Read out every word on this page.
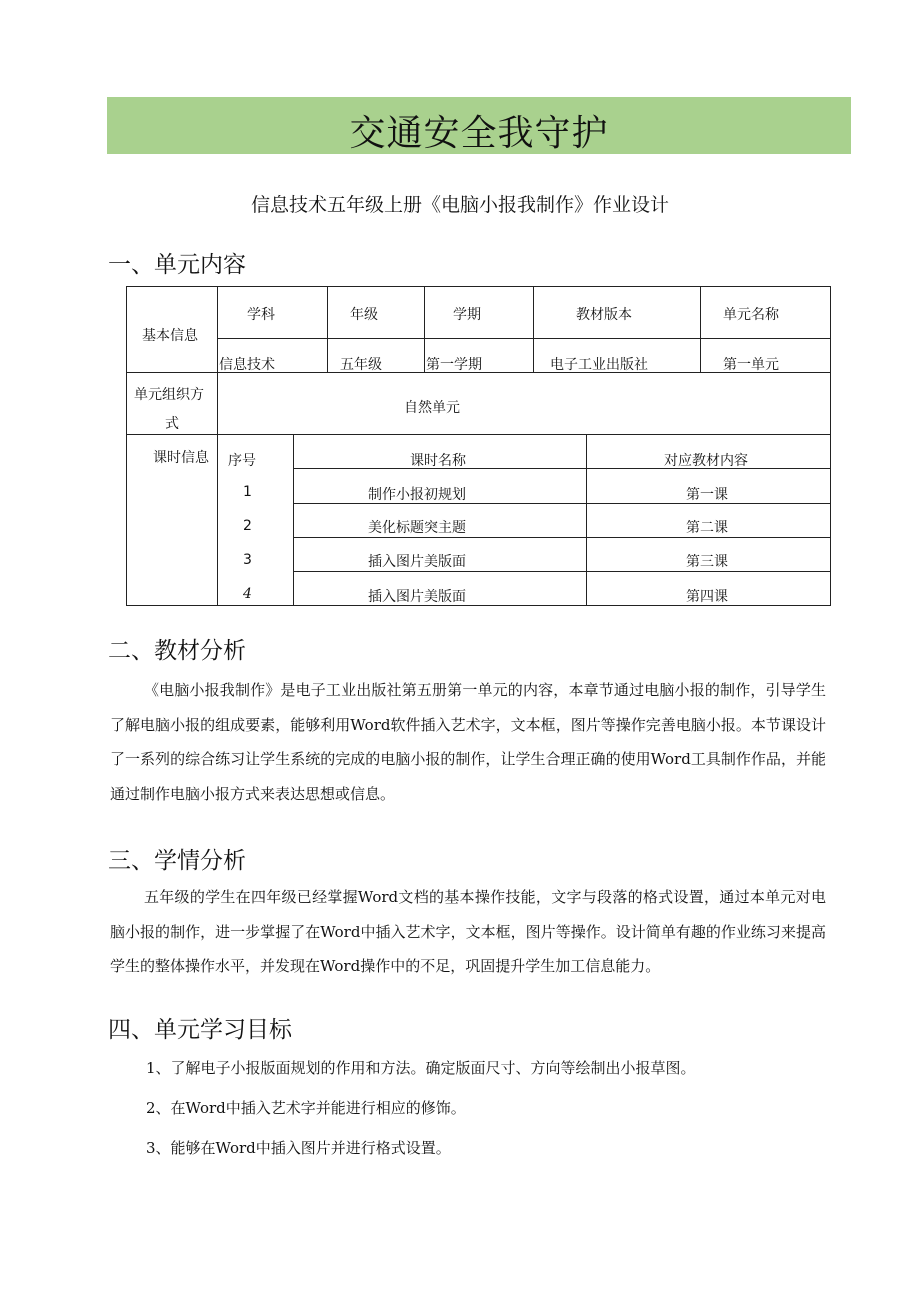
交通安全我守护
信息技术五年级上册《电脑小报我制作》作业设计
一、单元内容
基本信息
学科	年级	学期	教材版本	单元名称
信息技术	五年级	第一学期	电子工业出版社	第一单元
单元组织方
式
自然单元
课时信息 序号	课时名称	对应教材内容
1	制作小报初规划	第一课
2	美化标题突主题	第二课
3	插入图片美版面	第三课
4	插入图片美版面	第四课
二、教材分析
《电脑小报我制作》是电子工业出版社第五册第一单元的内容，本章节通过电脑小报的制作，引导学生了解电脑小报的组成要素，能够利用Word软件插入艺术字，文本框，图片等操作完善电脑小报。本节课设计了一系列的综合练习让学生系统的完成的电脑小报的制作，让学生合理正确的使用Word工具制作作品，并能通过制作电脑小报方式来表达思想或信息。
三、学情分析
五年级的学生在四年级已经掌握Word文档的基本操作技能，文字与段落的格式设置，通过本单元对电脑小报的制作，进一步掌握了在Word中插入艺术字，文本框，图片等操作。设计简单有趣的作业练习来提高学生的整体操作水平，并发现在Word操作中的不足，巩固提升学生加工信息能力。
四、单元学习目标
1、了解电子小报版面规划的作用和方法。确定版面尺寸、方向等绘制出小报草图。
2、在Word中插入艺术字并能进行相应的修饰。
3、能够在Word中插入图片并进行格式设置。
